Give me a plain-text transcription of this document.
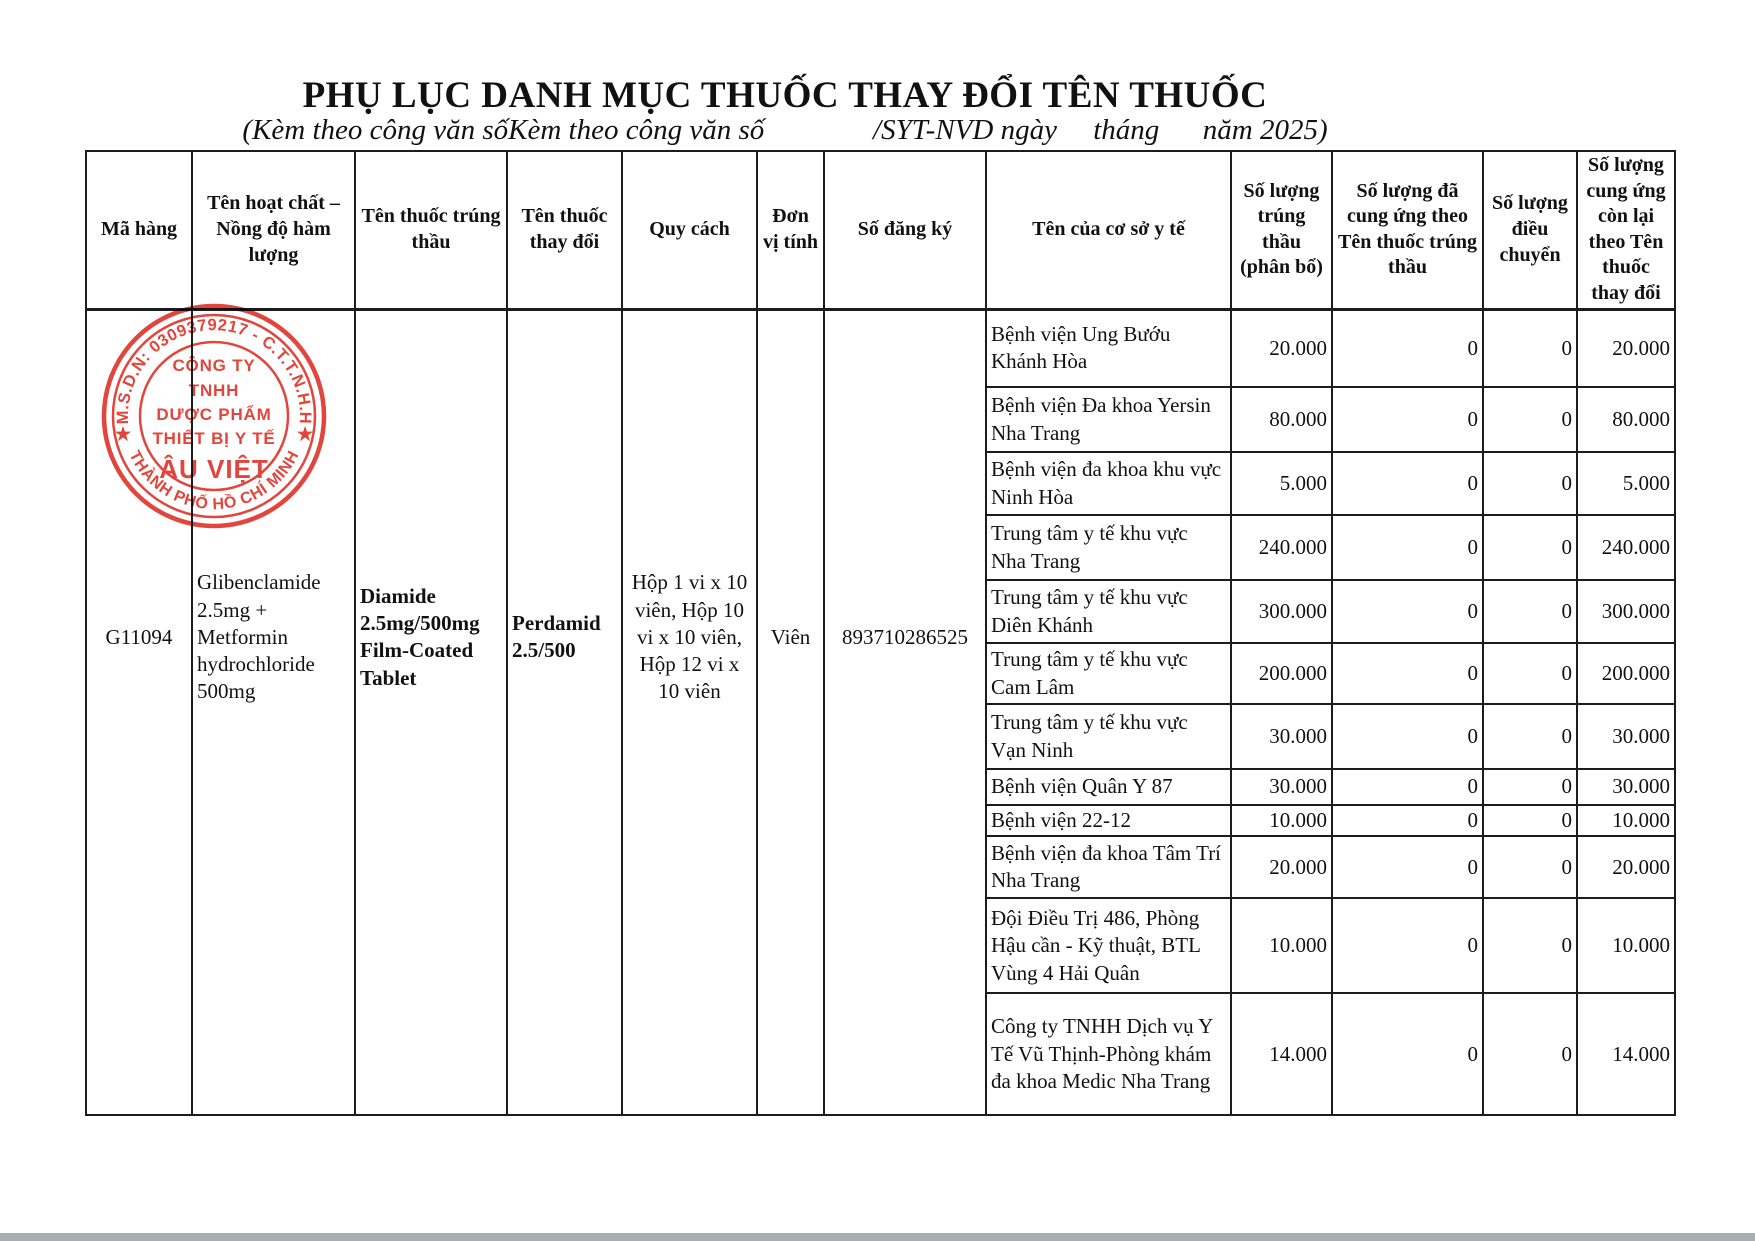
PHỤ LỤC DANH MỤC THUỐC THAY ĐỔI TÊN THUỐC
(Kèm theo công văn sốKèm theo công văn số               /SYT-NVD ngày     tháng      năm 2025)
Mã hàng	Tên hoạt chất – Nồng độ hàm lượng	Tên thuốc trúng thầu	Tên thuốc thay đổi	Quy cách	Đơn vị tính	Số đăng ký	Tên của cơ sở y tế	Số lượng trúng thầu (phân bổ)	Số lượng đã cung ứng theo Tên thuốc trúng thầu	Số lượng điều chuyển	Số lượng cung ứng còn lại theo Tên thuốc thay đổi

G11094	Glibenclamide 2.5mg + Metformin hydrochloride 500mg	Diamide 2.5mg/500mg Film-Coated Tablet	Perdamid 2.5/500	Hộp 1 vi x 10 viên, Hộp 10 vi x 10 viên, Hộp 12 vi x 10 viên	Viên	893710286525	Bệnh viện Ung Bướu Khánh Hòa	20.000	0	0	20.000
							Bệnh viện Đa khoa Yersin Nha Trang	80.000	0	0	80.000
							Bệnh viện đa khoa khu vực Ninh Hòa	5.000	0	0	5.000
							Trung tâm y tế khu vực Nha Trang	240.000	0	0	240.000
							Trung tâm y tế khu vực Diên Khánh	300.000	0	0	300.000
							Trung tâm y tế khu vực Cam Lâm	200.000	0	0	200.000
							Trung tâm y tế khu vực Vạn Ninh	30.000	0	0	30.000
							Bệnh viện Quân Y 87	30.000	0	0	30.000
							Bệnh viện 22-12	10.000	0	0	10.000
							Bệnh viện đa khoa Tâm Trí Nha Trang	20.000	0	0	20.000
							Đội Điều Trị 486, Phòng Hậu cần - Kỹ thuật, BTL Vùng 4 Hải Quân	10.000	0	0	10.000
							Công ty TNHH Dịch vụ Y Tế Vũ Thịnh-Phòng khám đa khoa Medic Nha Trang	14.000	0	0	14.000
M.S.D.N: 0309379217 - C.T.T.N.H.H
THÀNH PHỐ HỒ CHÍ MINH
★	★
CÔNG TY
TNHH
DƯỢC PHẨM
THIẾT BỊ Y TẾ
ÂU VIỆT
